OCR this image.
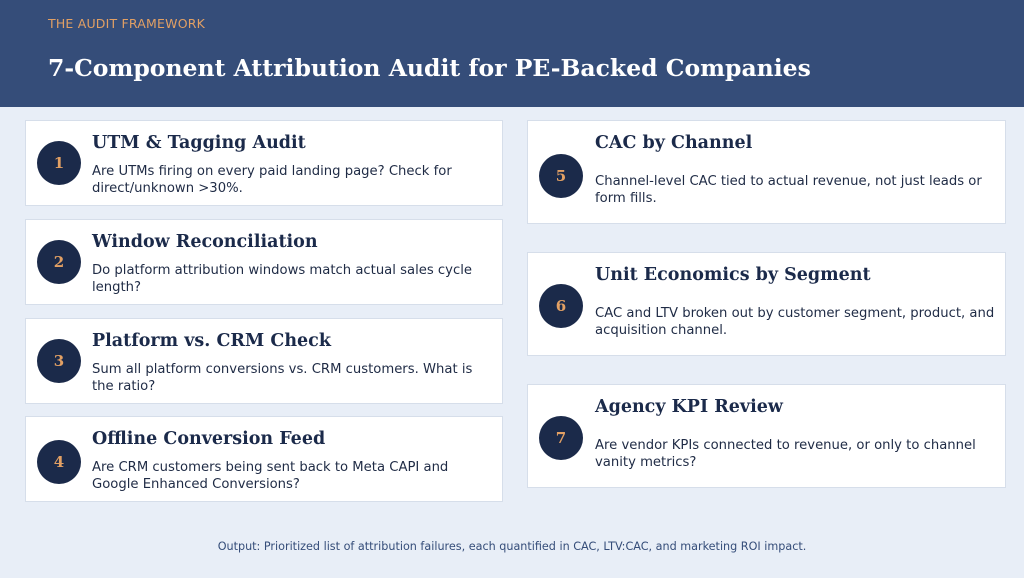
THE AUDIT FRAMEWORK
7-Component Attribution Audit for PE-Backed Companies
1
UTM & Tagging Audit
Are UTMs firing on every paid landing page? Check for direct/unknown >30%.
2
Window Reconciliation
Do platform attribution windows match actual sales cycle length?
3
Platform vs. CRM Check
Sum all platform conversions vs. CRM customers. What is the ratio?
4
Offline Conversion Feed
Are CRM customers being sent back to Meta CAPI and Google Enhanced Conversions?
5
CAC by Channel
Channel-level CAC tied to actual revenue, not just leads or form fills.
6
Unit Economics by Segment
CAC and LTV broken out by customer segment, product, and acquisition channel.
7
Agency KPI Review
Are vendor KPIs connected to revenue, or only to channel vanity metrics?
Output: Prioritized list of attribution failures, each quantified in CAC, LTV:CAC, and marketing ROI impact.
